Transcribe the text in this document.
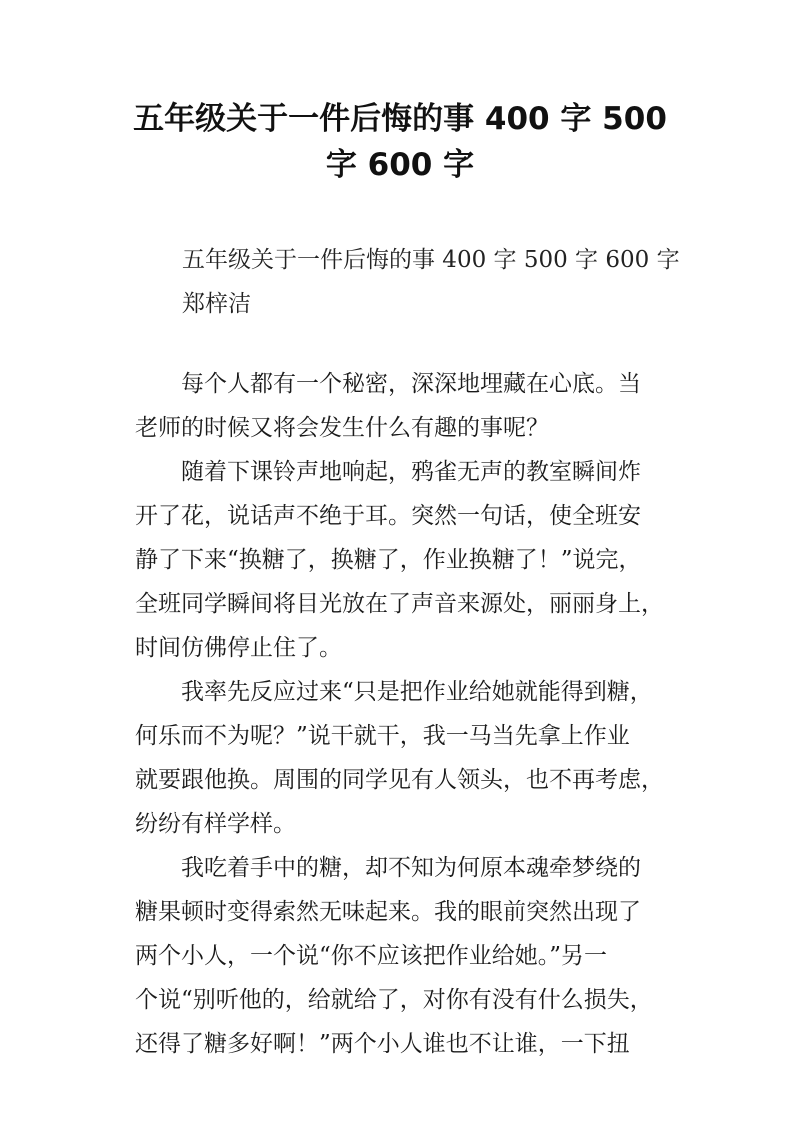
五年级关于一件后悔的事 400 字 500
字 600 字
五年级关于一件后悔的事 400 字 500 字 600 字
郑梓洁

每个人都有一个秘密，深深地埋藏在心底。当
老师的时候又将会发生什么有趣的事呢？

随着下课铃声地响起，鸦雀无声的教室瞬间炸
开了花，说话声不绝于耳。突然一句话，使全班安
静了下来“换糖了，换糖了，作业换糖了！”说完，
全班同学瞬间将目光放在了声音来源处，丽丽身上，
时间仿佛停止住了。

我率先反应过来“只是把作业给她就能得到糖，
何乐而不为呢？”说干就干，我一马当先拿上作业
就要跟他换。周围的同学见有人领头，也不再考虑，
纷纷有样学样。

我吃着手中的糖，却不知为何原本魂牵梦绕的
糖果顿时变得索然无味起来。我的眼前突然出现了
两个小人，一个说“你不应该把作业给她。”另一
个说“别听他的，给就给了，对你有没有什么损失，
还得了糖多好啊！”两个小人谁也不让谁，一下扭
